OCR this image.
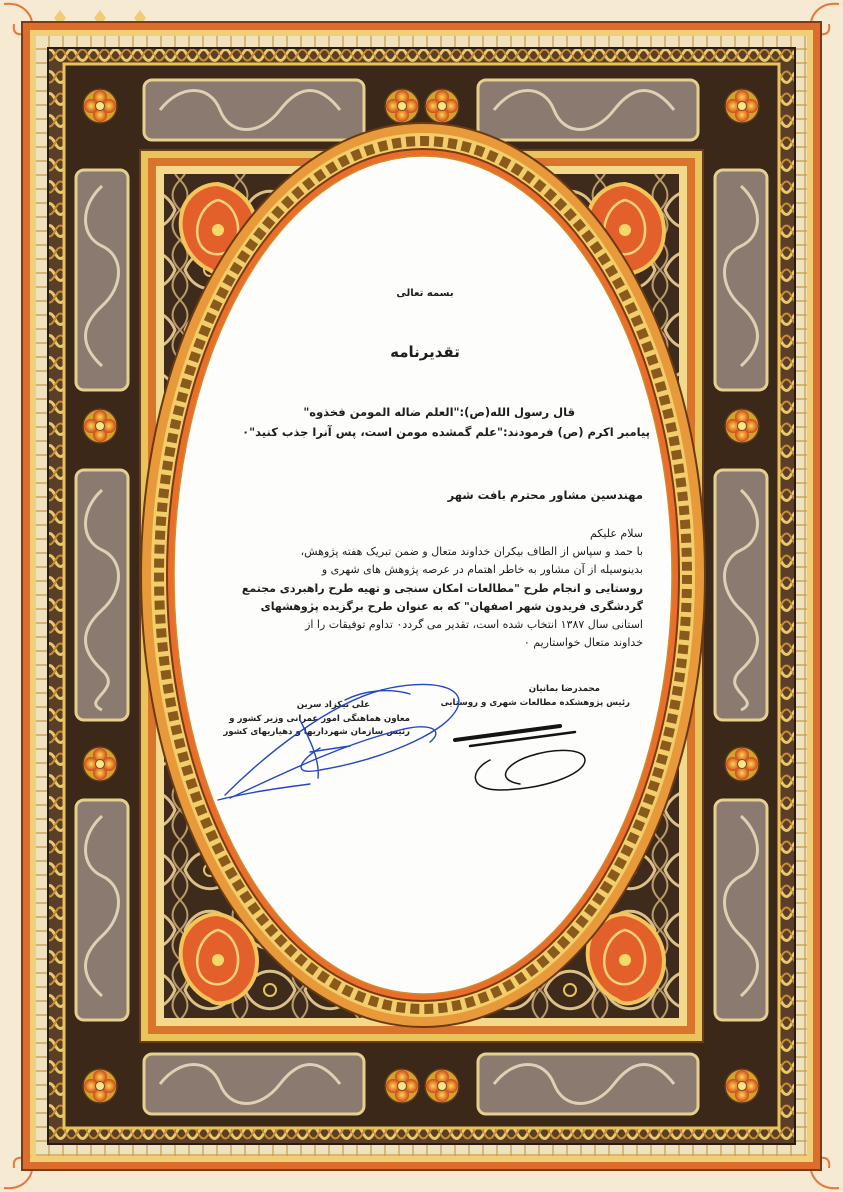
بسمه تعالی
تقدیرنامه
قال رسول الله(ص):"العلم ضاله المومن فخذوه"
پیامبر اکرم (ص) فرمودند:"علم گمشده مومن است، پس آنرا جذب کنید"۰
مهندسین مشاور محترم بافت شهر
سلام علیکم
با حمد و سپاس از الطاف بیکران خداوند متعال و ضمن تبریک هفته پژوهش،
بدینوسیله از آن مشاور به خاطر اهتمام در عرصه پژوهش های شهری و
روستایی و انجام طرح "مطالعات امکان سنجی و تهیه طرح راهبردی مجتمع
گردشگری فریدون شهر اصفهان" که به عنوان طرح برگزیده پژوهشهای
استانی سال ۱۳۸۷ انتخاب شده است، تقدیر می گردد۰ تداوم توفیقات را از
خداوند متعال خواستاریم ۰
علی نیکزاد سرین
معاون هماهنگی امور عمرانی وزیر کشور و
رئیس سازمان شهرداریها و دهیاریهای کشور
محمدرضا بمانیان
رئیس پژوهشکده مطالعات شهری و روستایی
